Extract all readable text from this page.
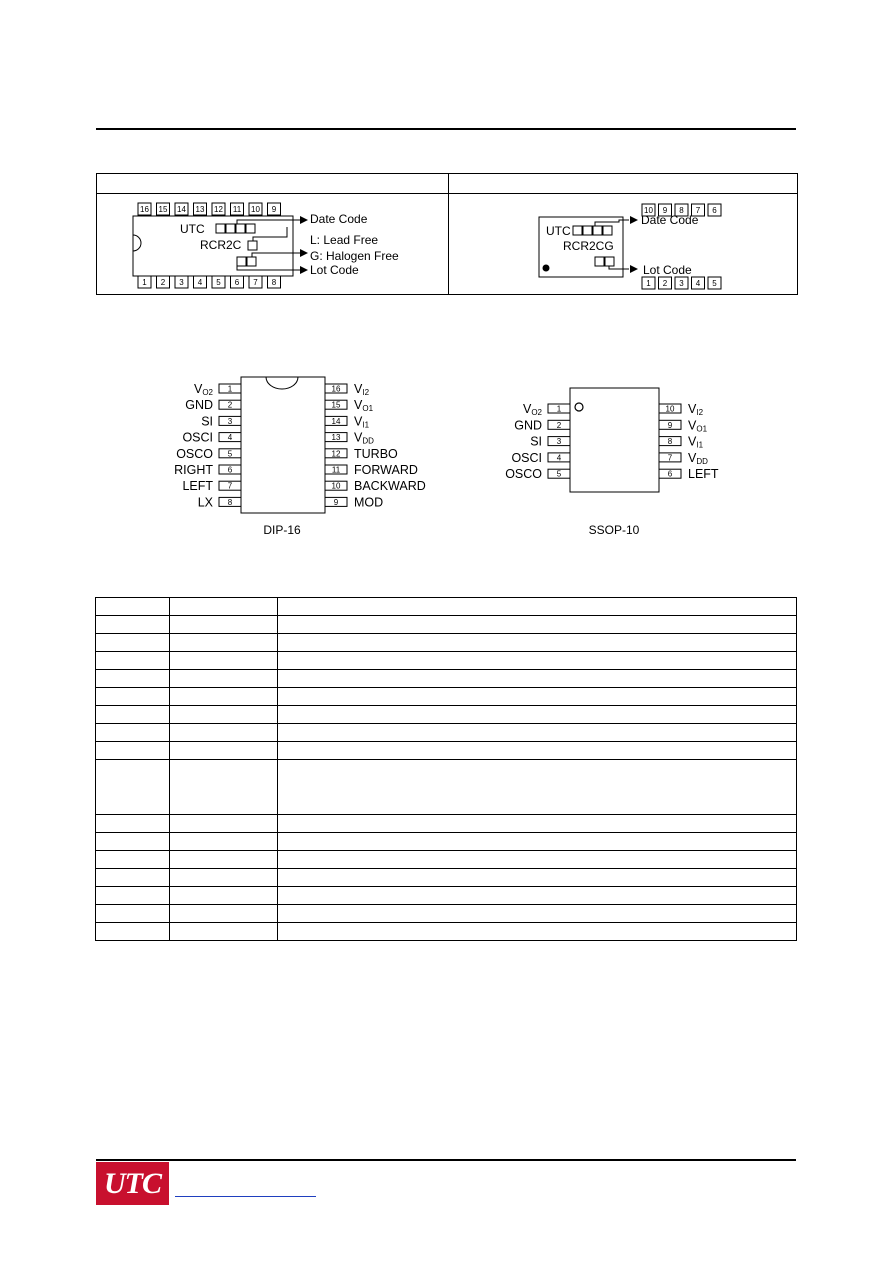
16 15 14 13 12 11 10 9
1 2 3 4 5 6 7 8
UTC
RCR2C
Date Code
L: Lead Free
G: Halogen Free
Lot Code
10 9 8 7 6
1 2 3 4 5
UTC
RCR2CG
Date Code
Lot Code
1
VO2
2
GND
3
SI
4
OSCI
5
OSCO
6
RIGHT
7
LEFT
8
LX
16 VI2
15 VO1
14 VI1
13 VDD
12 TURBO
11 FORWARD
10 BACKWARD
9 MOD
DIP-16
1
VO2
2
GND
3
SI
4
OSCI
5
OSCO
10 VI2
9 VO1
8 VI1
7 VDD
6 LEFT
SSOP-10

UTC
